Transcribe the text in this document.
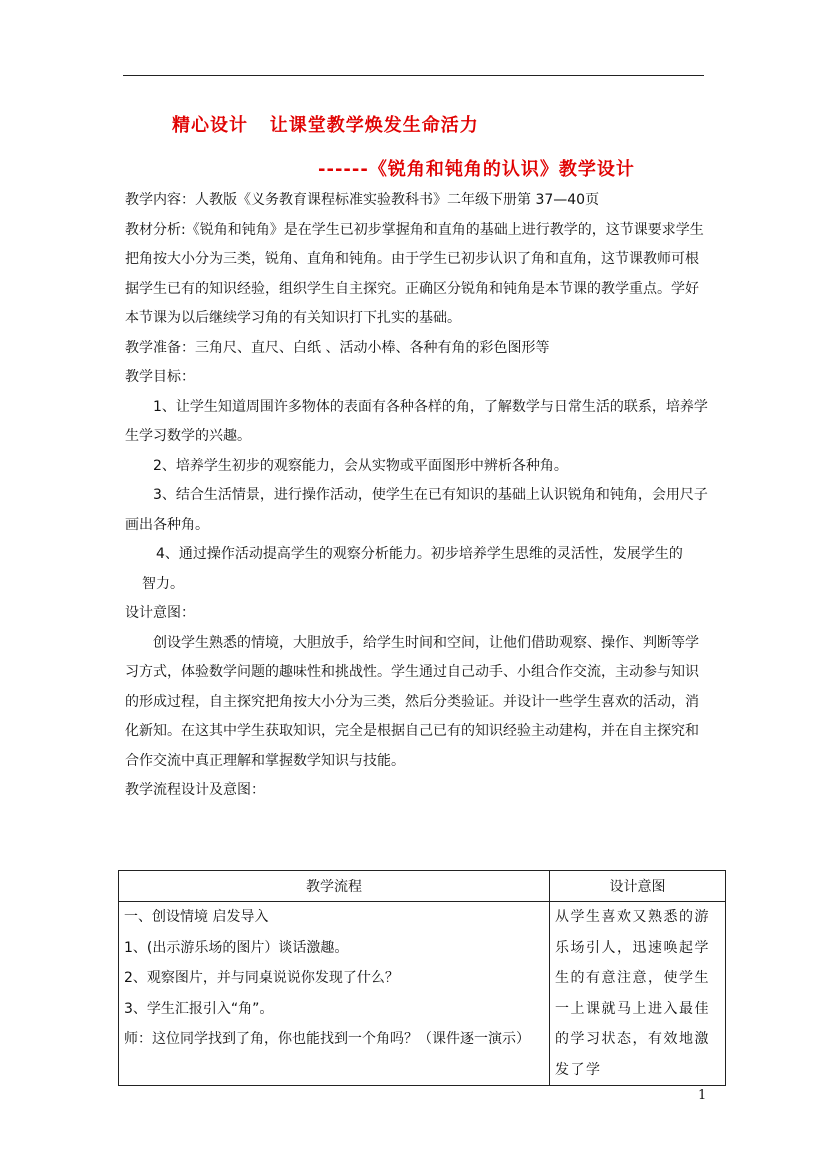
精心设计   让课堂教学焕发生命活力
------《锐角和钝角的认识》教学设计

教学内容：人教版《义务教育课程标准实验教科书》二年级下册第 37—40页

教材分析:《锐角和钝角》是在学生已初步掌握角和直角的基础上进行教学的，这节课要求学生把角按大小分为三类，锐角、直角和钝角。由于学生已初步认识了角和直角，这节课教师可根据学生已有的知识经验，组织学生自主探究。正确区分锐角和钝角是本节课的教学重点。学好本节课为以后继续学习角的有关知识打下扎实的基础。

教学准备：三角尺、直尺、白纸 、活动小棒、各种有角的彩色图形等

教学目标：

1、让学生知道周围许多物体的表面有各种各样的角，了解数学与日常生活的联系，培养学生学习数学的兴趣。

2、培养学生初步的观察能力，会从实物或平面图形中辨析各种角。

3、结合生活情景，进行操作活动，使学生在已有知识的基础上认识锐角和钝角，会用尺子画出各种角。

4、通过操作活动提高学生的观察分析能力。初步培养学生思维的灵活性，发展学生的
智力。

设计意图：

创设学生熟悉的情境，大胆放手，给学生时间和空间，让他们借助观察、操作、判断等学习方式，体验数学问题的趣味性和挑战性。学生通过自己动手、小组合作交流，主动参与知识的形成过程，自主探究把角按大小分为三类，然后分类验证。并设计一些学生喜欢的活动，消化新知。在这其中学生获取知识，完全是根据自己已有的知识经验主动建构，并在自主探究和合作交流中真正理解和掌握数学知识与技能。

教学流程设计及意图：

教学流程	设计意图

一、创设情境 启发导入
1、(出示游乐场的图片）谈话激趣。
2、观察图片，并与同桌说说你发现了什么？
3、学生汇报引入“角”。
师：这位同学找到了角，你也能找到一个角吗？（课件逐一演示）	从学生喜欢又熟悉的游乐场引人，迅速唤起学生的有意注意，使学生一上课就马上进入最佳的学习状态，有效地激发了学
1
